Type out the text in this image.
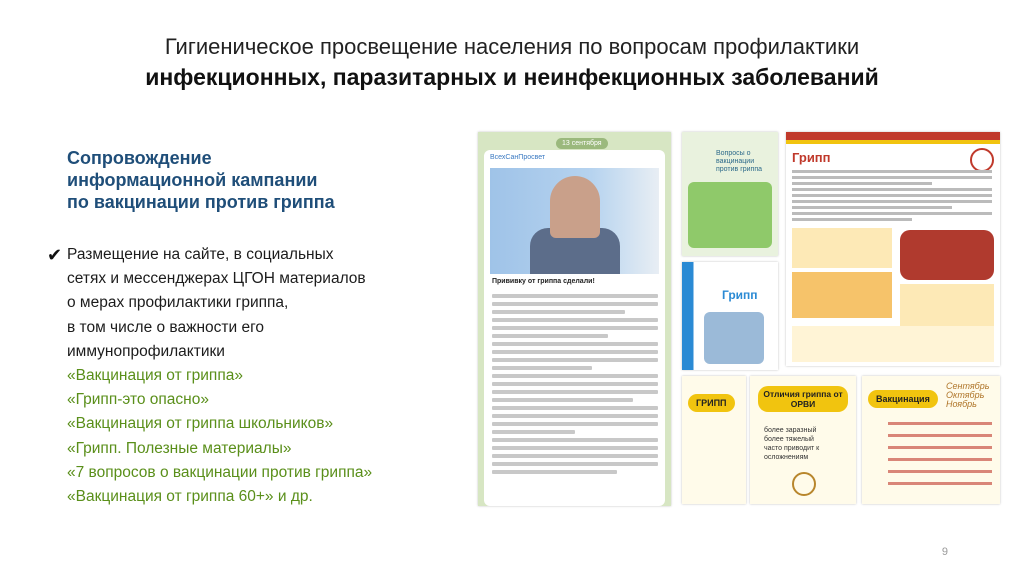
Гигиеническое просвещение населения по вопросам профилактики
инфекционных, паразитарных и неинфекционных заболеваний
Сопровождение
информационной кампании
по вакцинации против гриппа
✔ Размещение на сайте, в социальных
сетях и мессенджерах ЦГОН материалов
о мерах профилактики гриппа,
в том числе о важности его
иммунопрофилактики
«Вакцинация от гриппа»
«Грипп-это опасно»
«Вакцинация от гриппа школьников»
«Грипп. Полезные материалы»
«7 вопросов о вакцинации против гриппа»
«Вакцинация от гриппа 60+» и др.
13 сентября
ВсехСанПросвет
Прививку от гриппа сделали!
Вопросы о вакцинации против гриппа
Грипп
Грипп
ГРИПП
Отличия гриппа от ОРВИ
более заразный
более тяжелый
часто приводит к осложнениям
Вакцинация
Сентябрь
Октябрь
Ноябрь
9
